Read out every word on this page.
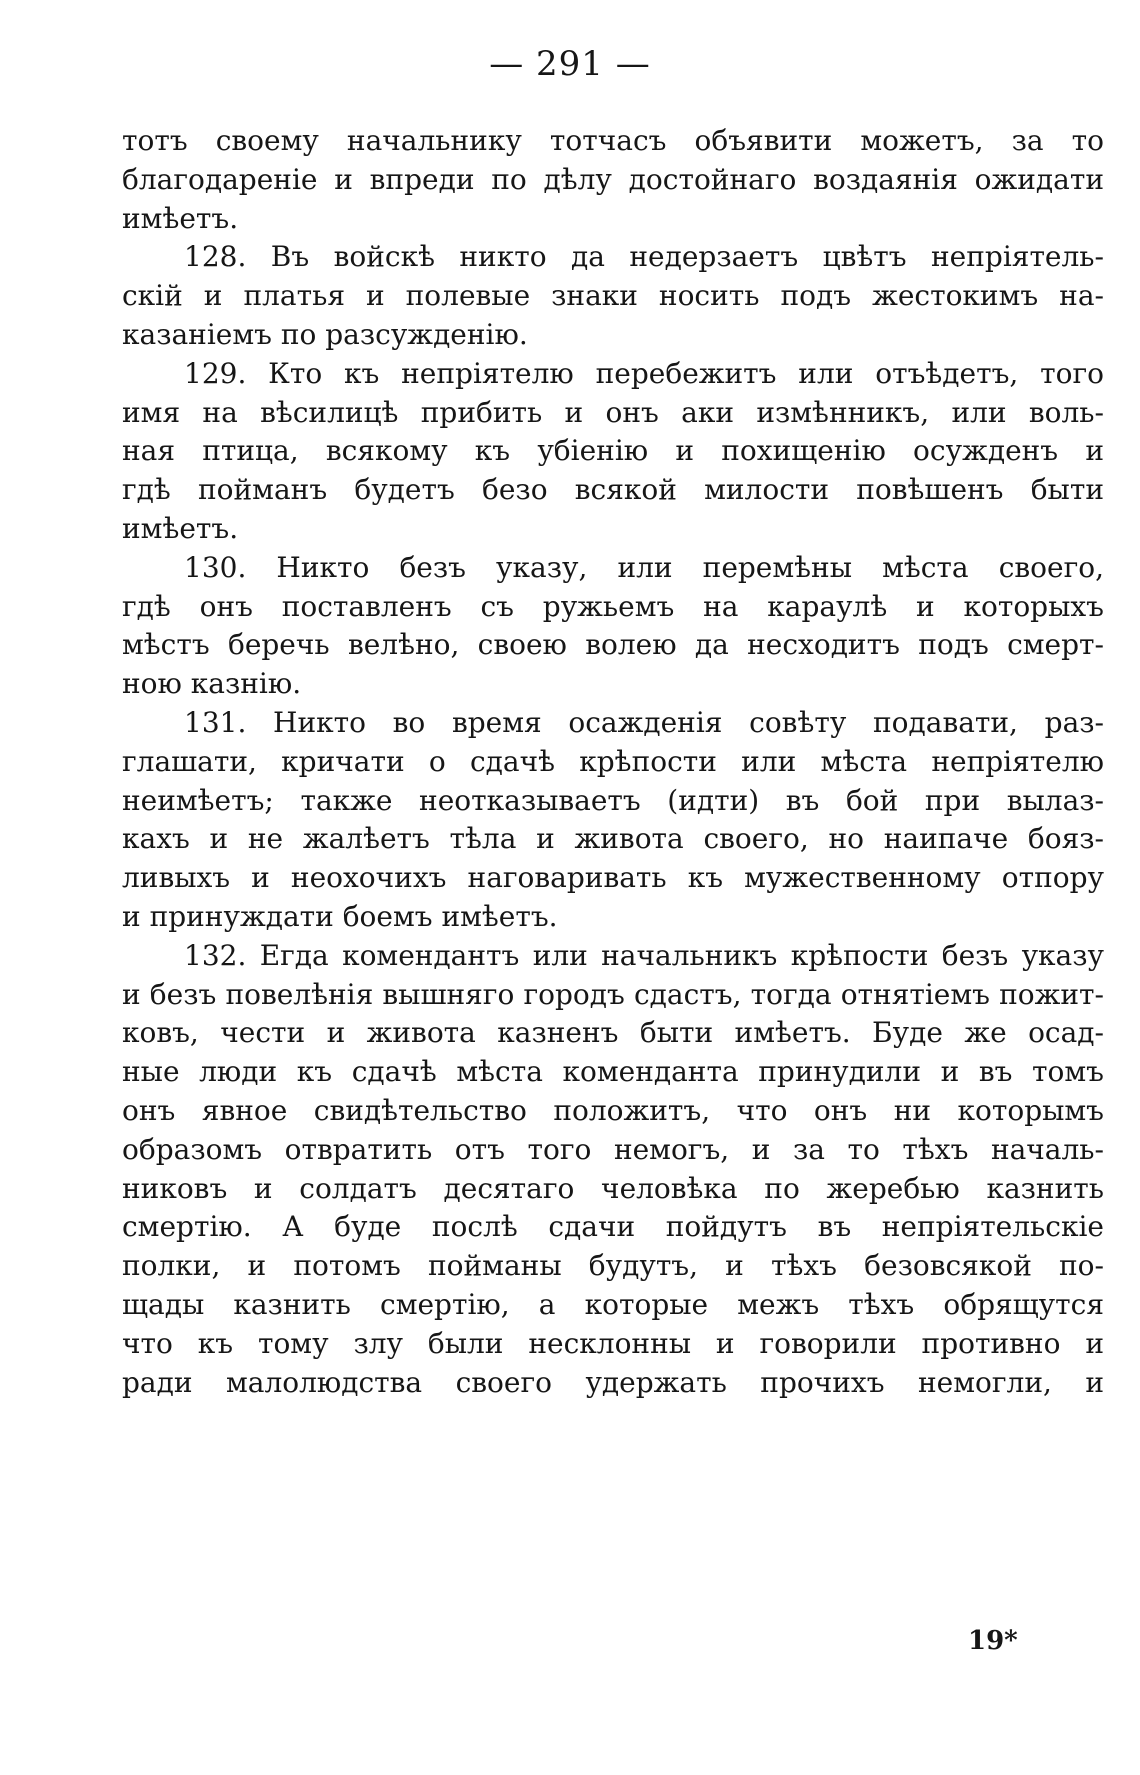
— 291 —
тотъ своему начальнику тотчасъ объявити можетъ, за то
благодареніе и впреди по дѣлу достойнаго воздаянія ожидати
имѣетъ.
128. Въ войскѣ никто да недерзаетъ цвѣтъ непріятель-
скій и платья и полевые знаки носить подъ жестокимъ на-
казаніемъ по разсужденію.
129. Кто къ непріятелю перебежитъ или отъѣдетъ, того
имя на вѣсилицѣ прибить и онъ аки измѣнникъ, или воль-
ная птица, всякому къ убіенію и похищенію осужденъ и
гдѣ пойманъ будетъ безо всякой милости повѣшенъ быти
имѣетъ.
130. Никто безъ указу, или перемѣны мѣста своего,
гдѣ онъ поставленъ съ ружьемъ на караулѣ и которыхъ
мѣстъ беречь велѣно, своею волею да несходитъ подъ смерт-
ною казнію.
131. Никто во время осажденія совѣту подавати, раз-
глашати, кричати о сдачѣ крѣпости или мѣста непріятелю
неимѣетъ; также неотказываетъ (идти) въ бой при вылаз-
кахъ и не жалѣетъ тѣла и живота своего, но наипаче бояз-
ливыхъ и неохочихъ наговаривать къ мужественному отпору
и принуждати боемъ имѣетъ.
132. Егда комендантъ или начальникъ крѣпости безъ указу
и безъ повелѣнія вышняго городъ сдастъ, тогда отнятіемъ пожит-
ковъ, чести и живота казненъ быти имѣетъ. Буде же осад-
ные люди къ сдачѣ мѣста коменданта принудили и въ томъ
онъ явное свидѣтельство положитъ, что онъ ни которымъ
образомъ отвратить отъ того немогъ, и за то тѣхъ началь-
никовъ и солдатъ десятаго человѣка по жеребью казнить
смертію. А буде послѣ сдачи пойдутъ въ непріятельскіе
полки, и потомъ пойманы будутъ, и тѣхъ безовсякой по-
щады казнить смертію, а которые межъ тѣхъ обрящутся
что къ тому злу были несклонны и говорили противно и
ради малолюдства своего удержать прочихъ немогли, и
19*
